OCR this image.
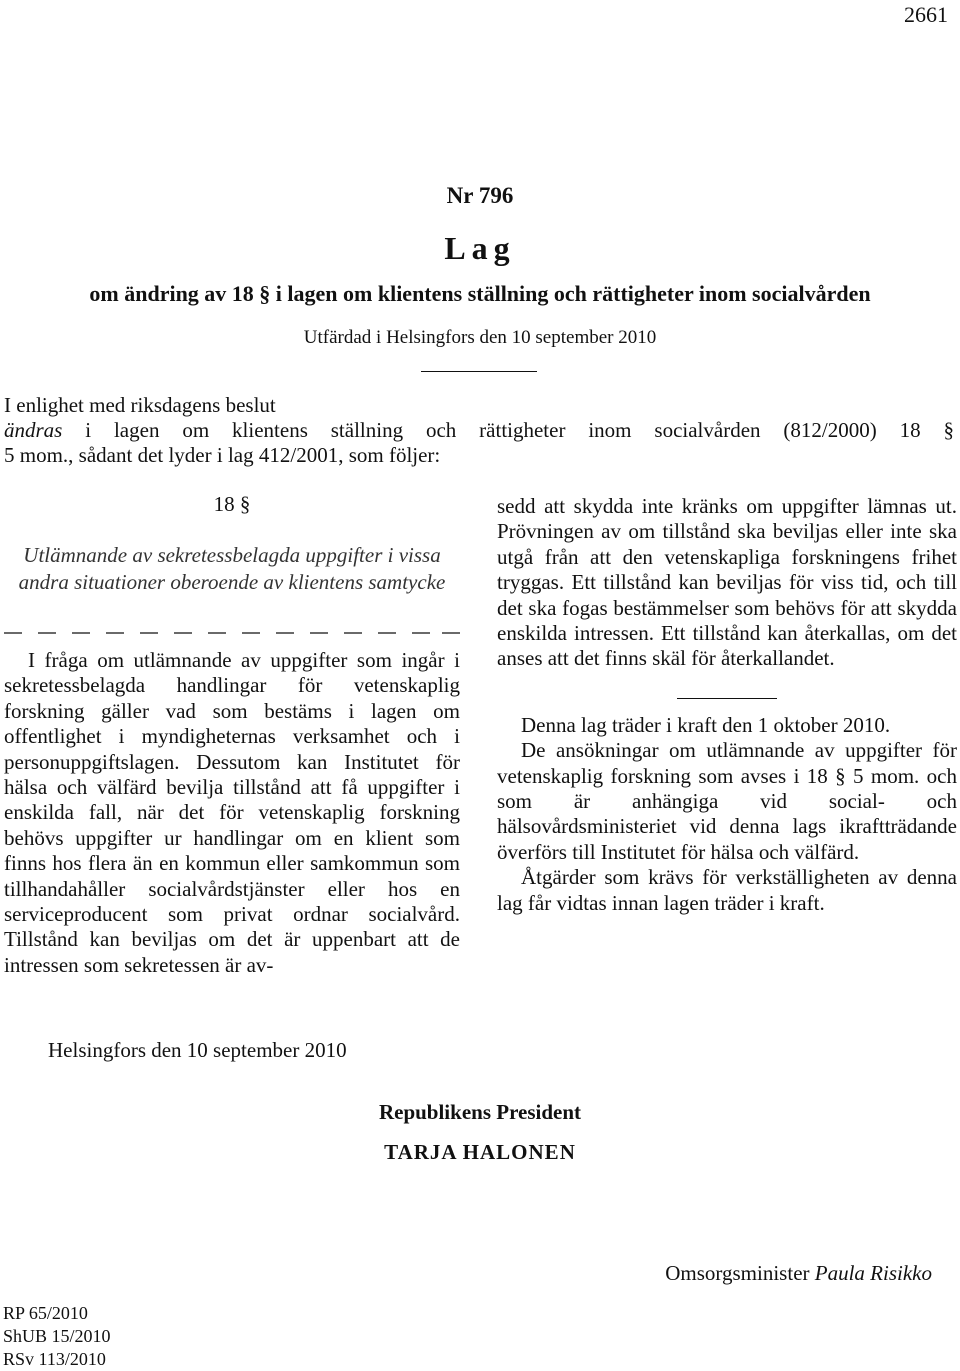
2661
Nr 796
Lag
om ändring av 18 § i lagen om klientens ställning och rättigheter inom socialvården
Utfärdad i Helsingfors den 10 september 2010

I enlighet med riksdagens beslut

ändras i lagen om klientens ställning och rättigheter inom socialvården (812/2000) 18 §

5 mom., sådant det lyder i lag 412/2001, som följer:

18 §
Utlämnande av sekretessbelagda uppgifter i vissa andra situationer oberoende av klientens samtycke

I fråga om utlämnande av uppgifter som ingår i sekretessbelagda handlingar för vetenskaplig forskning gäller vad som bestäms i lagen om offentlighet i myndigheternas verksamhet och i personuppgiftslagen. Dessutom kan Institutet för hälsa och välfärd bevilja tillstånd att få uppgifter i enskilda fall, när det för vetenskaplig forskning behövs uppgifter ur handlingar om en klient som finns hos flera än en kommun eller samkommun som tillhandahåller socialvårdstjänster eller hos en serviceproducent som privat ordnar socialvård. Tillstånd kan beviljas om det är uppenbart att de intressen som sekretessen är av-

sedd att skydda inte kränks om uppgifter lämnas ut. Prövningen av om tillstånd ska beviljas eller inte ska utgå från att den vetenskapliga forskningens frihet tryggas. Ett tillstånd kan beviljas för viss tid, och till det ska fogas bestämmelser som behövs för att skydda enskilda intressen. Ett tillstånd kan återkallas, om det anses att det finns skäl för återkallandet.

Denna lag träder i kraft den 1 oktober 2010.

De ansökningar om utlämnande av uppgifter för vetenskaplig forskning som avses i 18 § 5 mom. och som är anhängiga vid social- och hälsovårdsministeriet vid denna lags ikraftträdande överförs till Institutet för hälsa och välfärd.

Åtgärder som krävs för verkställigheten av denna lag får vidtas innan lagen träder i kraft.

Helsingfors den 10 september 2010
Republikens President
TARJA HALONEN
Omsorgsminister Paula Risikko
RP 65/2010
ShUB 15/2010
RSv 113/2010
